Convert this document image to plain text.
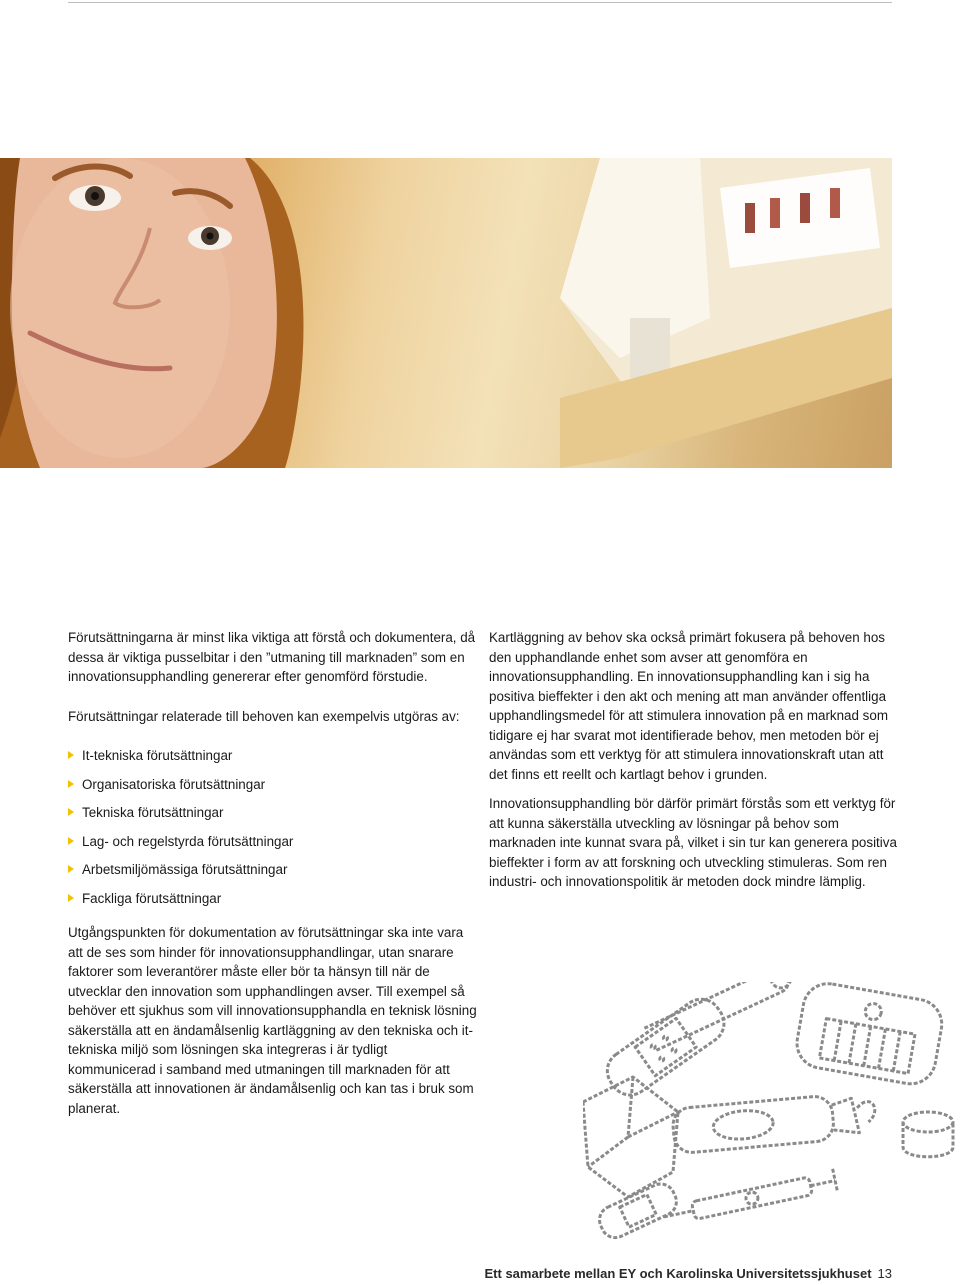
Förutsättningarna är minst lika viktiga att förstå och dokumentera, då dessa är viktiga pusselbitar i den ”utmaning till marknaden” som en innovationsupphandling genererar efter genomförd förstudie.

Förutsättningar relaterade till behoven kan exempelvis utgöras av:

It-tekniska förutsättningar
Organisatoriska förutsättningar
Tekniska förutsättningar
Lag- och regelstyrda förutsättningar
Arbetsmiljömässiga förutsättningar
Fackliga förutsättningar

Utgångspunkten för dokumentation av förutsättningar ska inte vara att de ses som hinder för innovationsupphandlingar, utan snarare faktorer som leverantörer måste eller bör ta hänsyn till när de utvecklar den innovation som upphandlingen avser. Till exempel så behöver ett sjukhus som vill innovationsupphandla en teknisk lösning säkerställa att en ändamålsenlig kartläggning av den tekniska och it-tekniska miljö som lösningen ska integreras i är tydligt kommunicerad i samband med utmaningen till marknaden för att säkerställa att innovationen är ändamålsenlig och kan tas i bruk som planerat.

Kartläggning av behov ska också primärt fokusera på behoven hos den upphandlande enhet som avser att genomföra en innovationsupphandling. En innovationsupphandling kan i sig ha positiva bieffekter i den akt och mening att man använder offentliga upphandlingsmedel för att stimulera innovation på en marknad som tidigare ej har svarat mot identifierade behov, men metoden bör ej användas som ett verktyg för att stimulera innovationskraft utan att det finns ett reellt och kartlagt behov i grunden.

Innovationsupphandling bör därför primärt förstås som ett verktyg för att kunna säkerställa utveckling av lösningar på behov som marknaden inte kunnat svara på, vilket i sin tur kan generera positiva bieffekter i form av att forskning och utveckling stimuleras. Som ren industri- och innovationspolitik är metoden dock mindre lämplig.

Ett samarbete mellan EY och Karolinska Universitetssjukhuset 13
